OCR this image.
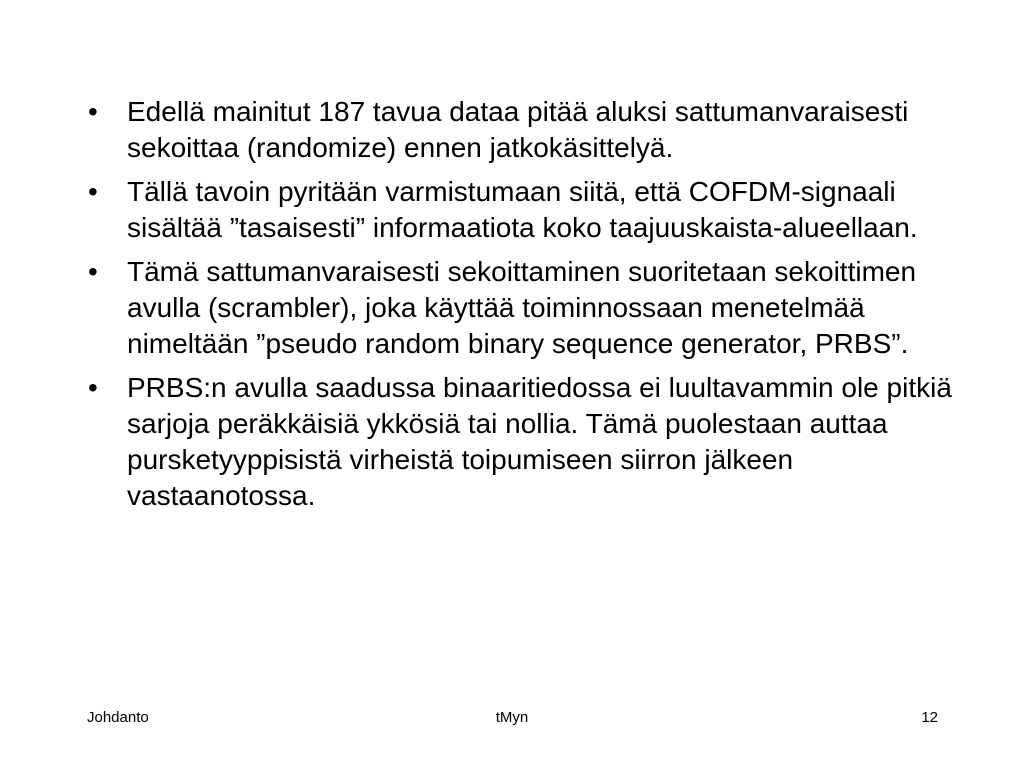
•	Edellä mainitut 187 tavua dataa pitää aluksi sattumanvaraisesti sekoittaa (randomize) ennen jatkokäsittelyä.
•	Tällä tavoin pyritään varmistumaan siitä, että COFDM-signaali sisältää ”tasaisesti” informaatiota koko taajuuskaista-alueellaan.
•	Tämä sattumanvaraisesti sekoittaminen suoritetaan sekoittimen avulla (scrambler), joka käyttää toiminnossaan menetelmää nimeltään ”pseudo random binary sequence generator, PRBS”.
•	PRBS:n avulla saadussa binaaritiedossa ei luultavammin ole pitkiä sarjoja peräkkäisiä ykkösiä tai nollia. Tämä puolestaan auttaa pursketyyppisistä virheistä toipumiseen siirron jälkeen vastaanotossa.
Johdanto	tMyn	12
